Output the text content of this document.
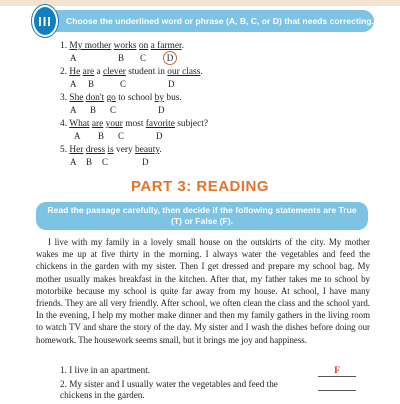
III	Choose the underlined word or phrase (A, B, C, or D) that needs correcting.
1. My mother works on a farmer.
A	B C	D
2. He are a clever student in our class.
A B	C	D
3. She don't go to school by bus.
A B C	D
4. What are your most favorite subject?
A B C	D
5. Her dress is very beauty.
A B C	D
PART 3: READING
Read the passage carefully, then decide if the following statements are True (T) or False (F).

I live with my family in a lovely small house on the outskirts of the city. My mother wakes me up at five thirty in the morning. I always water the vegetables and feed the chickens in the garden with my sister. Then I get dressed and prepare my school bag. My mother usually makes breakfast in the kitchen. After that, my father takes me to school by motorbike because my school is quite far away from my house. At school, I have many friends. They are all very friendly. After school, we often clean the class and the school yard. In the evening, I help my mother make dinner and then my family gathers in the living room to watch TV and share the story of the day. My sister and I wash the dishes before doing our homework. The housework seems small, but it brings me joy and happiness.

1. I live in an apartment.	F
2. My sister and I usually water the vegetables and feed the chickens in the garden.
